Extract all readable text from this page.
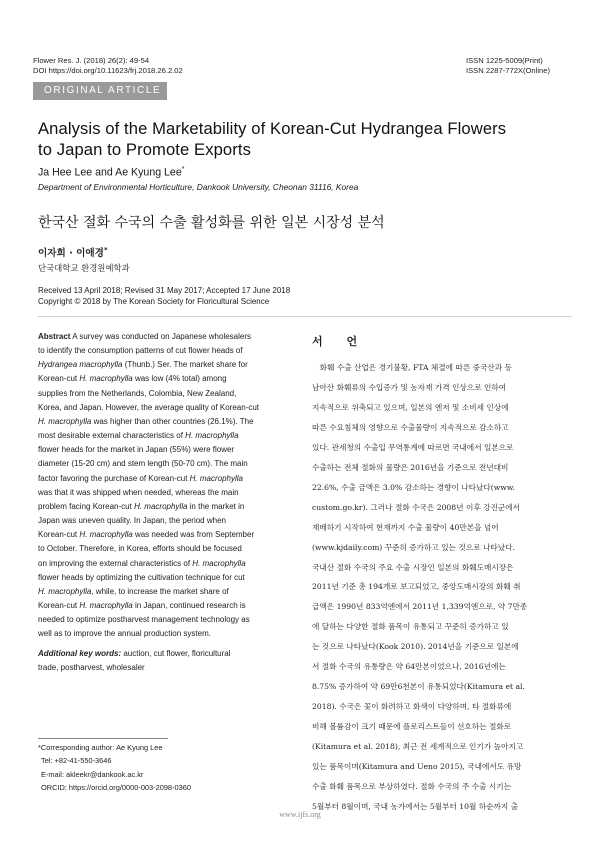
Flower Res. J. (2018) 26(2): 49-54
DOI https://doi.org/10.11623/frj.2018.26.2.02
ISSN 1225-5009(Print)
ISSN 2287-772X(Online)
ORIGINAL ARTICLE
Analysis of the Marketability of Korean-Cut Hydrangea Flowers
to Japan to Promote Exports
Ja Hee Lee and Ae Kyung Lee*
Department of Environmental Horticulture, Dankook University, Cheonan 31116, Korea
한국산 절화 수국의 수출 활성화를 위한 일본 시장성 분석
이자희 · 이애경*
단국대학교 환경원예학과
Received 13 April 2018; Revised 31 May 2017; Accepted 17 June 2018
Copyright © 2018 by The Korean Society for Floricultural Science
Abstract A survey was conducted on Japanese wholesalers
to identify the consumption patterns of cut flower heads of
Hydrangea macrophylla (Thunb.) Ser. The market share for
Korean-cut H. macrophylla was low (4% total) among
supplies from the Netherlands, Colombia, New Zealand,
Korea, and Japan. However, the average quality of Korean-cut
H. macrophylla was higher than other countries (26.1%). The
most desirable external characteristics of H. macrophylla
flower heads for the market in Japan (55%) were flower
diameter (15-20 cm) and stem length (50-70 cm). The main
factor favoring the purchase of Korean-cut H. macrophylla
was that it was shipped when needed, whereas the main
problem facing Korean-cut H. macrophylla in the market in
Japan was uneven quality. In Japan, the period when
Korean-cut H. macrophylla was needed was from September
to October. Therefore, in Korea, efforts should be focused
on improving the external characteristics of H. macrophylla
flower heads by optimizing the cultivation technique for cut
H. macrophylla, while, to increase the market share of
Korean-cut H. macrophylla in Japan, continued research is
needed to optimize postharvest management technology as
well as to improve the annual production system.
Additional key words: auction, cut flower, floricultural
trade, postharvest, wholesaler
*Corresponding author: Ae Kyung Lee
Tel: +82-41-550-3646
E-mail: akleekr@dankook.ac.kr
ORCID: https://orcid.org/0000-003-2098-0360
서 언
　화훼 수출 산업은 경기불황, FTA 체결에 따른 중국산과 동
남아산 화훼류의 수입증가 및 농자재 가격 인상으로 인하여
지속적으로 위축되고 있으며, 일본의 엔저 및 소비세 인상에
따른 수요침체의 영향으로 수출물량이 지속적으로 감소하고
있다. 관세청의 수출입 무역통계에 따르면 국내에서 일본으로
수출하는 전체 절화의 물량은 2016년을 기준으로 전년대비
22.6%, 수출 금액은 3.0% 감소하는 경향이 나타났다(www.
custom.go.kr). 그러나 절화 수국은 2008년 이후 강진군에서
재배하기 시작하여 현재까지 수출 물량이 40만본을 넘어
(www.kjdaily.com) 꾸준히 증가하고 있는 것으로 나타났다.
국내산 절화 수국의 주요 수출 시장인 일본의 화훼도매시장은
2011년 기준 총 194개로 보고되었고, 중앙도매시장의 화훼 취
급액은 1990년 833억엔에서 2011년 1,339억엔으로, 약 7만종
에 달하는 다양한 절화 품목이 유통되고 꾸준히 증가하고 있
는 것으로 나타났다(Kook 2010). 2014년을 기준으로 일본에
서 절화 수국의 유통량은 약 64만본이었으나, 2016년에는
8.75% 증가하여 약 69만6천본이 유통되었다(Kitamura et al.
2018). 수국은 꽃이 화려하고 화색이 다양하며, 타 절화류에
비해 볼륨감이 크기 때문에 플로리스트들이 선호하는 절화로
(Kitamura et al. 2018), 최근 전 세계적으로 인기가 높아지고
있는 품목이며(Kitamura and Ueno 2015), 국내에서도 유망
수출 화훼 품목으로 부상하였다. 절화 수국의 주 수출 시기는
5월부터 8월이며, 국내 농가에서는 5월부터 10월 하순까지 출
www.ijfs.org
